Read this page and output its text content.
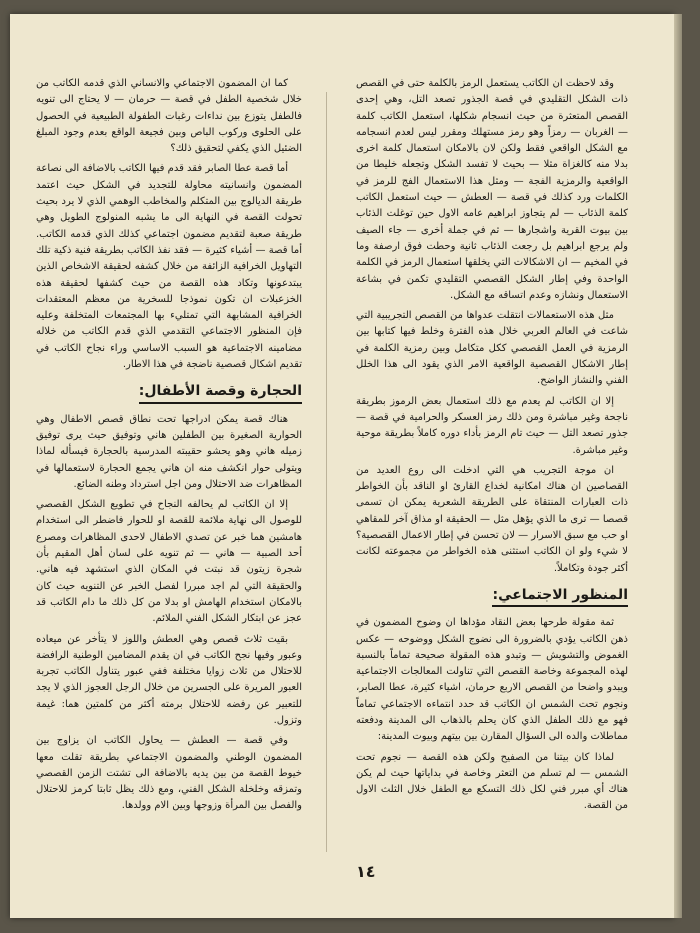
وقد لاحظت ان الكاتب يستعمل الرمز بالكلمة حتى في القصص ذات الشكل التقليدي في قصة الجذور تصعد التل، وهي إحدى القصص المتعثرة من حيث انسجام شكلها، استعمل الكاتب كلمة — الغربان — رمزاً وهو رمز مستهلك ومقرر ليس لعدم انسجامه مع الشكل الواقعي فقط ولكن لان بالامكان استعمال كلمة اخرى بدلا منه كالغزاة مثلا — بحيث لا تفسد الشكل وتجعله خليطا من الواقعية والرمزية الفجة — ومثل هذا الاستعمال الفج للرمز في الكلمات ورد كذلك في قصة — العطش — حيث استعمل الكاتب كلمة الذئاب — لم يتجاوز ابراهيم عامه الاول حين توغلت الذئاب بين بيوت القرية واشجارها — ثم في جملة أخرى — جاء الصيف ولم يرجع ابراهيم بل رجعت الذئاب ثانية وحطت فوق ارصفة وما في المخيم — ان الاشكالات التي يخلقها استعمال الرمز في الكلمة الواحدة وفي إطار الشكل القصصي التقليدي تكمن في بشاعة الاستعمال ونشازه وعدم اتساقه مع الشكل.

مثل هذه الاستعمالات انتقلت عدواها من القصص التجريبية التي شاعت في العالم العربي خلال هذه الفترة وخلط فيها كتابها بين الرمزية في العمل القصصي ككل متكامل وبين رمزية الكلمة في إطار الاشكال القصصية الواقعية الامر الذي يقود الى هذا الخلل الفني والنشاز الواضح.

إلا ان الكاتب لم يعدم مع ذلك استعمال بعض الرموز بطريقة ناجحة وغير مباشرة ومن ذلك رمز العسكر والحرامية في قصة — جذور تصعد التل — حيث تام الرمز بأداء دوره كاملاً بطريقة موحية وغير مباشرة.

ان موجة التجريب هي التي ادخلت الى روع العديد من القصاصين ان هناك امكانية لخداع القارئ او الناقد بأن الخواطر ذات العبارات المنتقاة على الطريقة الشعرية يمكن ان تسمى قصصا — ترى ما الذي يؤهل مثل — الحقيقة او مذاق آخر للمقاهي او حب مع سبق الاسرار — لان تحسن في إطار الاعمال القصصية؟ لا شيء ولو ان الكاتب استثنى هذه الخواطر من مجموعته لكانت أكثر جودة وتكاملاً.

المنظور الاجتماعي:

ثمة مقولة طرحها بعض النقاد مؤداها ان وضوح المضمون في ذهن الكاتب يؤدي بالضرورة الى نضوج الشكل ووضوحه — عكس الغموض والتشويش — وتبدو هذه المقولة صحيحة تماماً بالنسبة لهذه المجموعة وخاصة القصص التي تناولت المعالجات الاجتماعية ويبدو واضحا من القصص الاربع حرمان، اشياء كثيرة، عطا الصابر، ونجوم تحت الشمس ان الكاتب قد حدد انتماءه الاجتماعي تماماً فهو مع ذلك الطفل الذي كان يحلم بالذهاب الى المدينة ودفعته مماطلات والده الى السؤال المقارن بين بيتهم وبيوت المدينة:

لماذا كان بيتنا من الصفيح ولكن هذه القصة — نجوم تحت الشمس — لم تسلم من التعثر وخاصة في بداياتها حيث لم يكن هناك أي مبرر فني لكل ذلك التسكع مع الطفل خلال الثلث الاول من القصة.

كما ان المضمون الاجتماعي والانساني الذي قدمه الكاتب من خلال شخصية الطفل في قصة — حرمان — لا يحتاج الى تنويه فالطفل يتوزع بين نداءات رغبات الطفولة الطبيعية في الحصول على الحلوى وركوب الباص وبين فجيعة الواقع بعدم وجود المبلغ الضئيل الذي يكفي لتحقيق ذلك؟

أما قصة عطا الصابر فقد قدم فيها الكاتب بالاضافة الى نصاعة المضمون وانسانيته محاولة للتجديد في الشكل حيث اعتمد طريقة الديالوج بين المتكلم والمخاطب الوهمي الذي لا يرد بحيث تحولت القصة في النهاية الى ما يشبه المنولوج الطويل وهي طريقة صعبة لتقديم مضمون اجتماعي كذلك الذي قدمه الكاتب. أما قصة — أشياء كثيرة — فقد نفذ الكاتب بطريقة فنية ذكية تلك التهاويل الخرافية الزائفة من خلال كشفه لحقيقة الاشخاص الذين يبتدعونها وتكاد هذه القصة من حيث كشفها لحقيقة هذه الخزعبلات ان تكون نموذجا للسخرية من معظم المعتقدات الخرافية المشابهة التي تمتليء بها المجتمعات المتخلفة وعليه فإن المنظور الاجتماعي التقدمي الذي قدم الكاتب من خلاله مضامينه الاجتماعية هو السبب الاساسي وراء نجاح الكاتب في تقديم اشكال قصصية ناضجة في هذا الاطار.

الحجارة وقصة الأطفال:

هناك قصة يمكن ادراجها تحت نطاق قصص الاطفال وهي الحوارية الصغيرة بين الطفلين هاني وتوفيق حيث يرى توفيق زميله هاني وهو يحشو حقيبته المدرسية بالحجارة فيسأله لماذا ويتولى حوار انكشف منه ان هاني يجمع الحجارة لاستعمالها في المظاهرات ضد الاحتلال ومن اجل استرداد وطنه الضائع.

إلا ان الكاتب لم يحالفه النجاح في تطويع الشكل القصصي للوصول الى نهاية ملائمة للقصة او للحوار فاضطر الى استخدام هامشين هما خبر عن تصدي الاطفال لاحدى المظاهرات ومصرع أحد الصبية — هاني — ثم تنويه على لسان أهل المقيم بأن شجرة زيتون قد نبتت في المكان الذي استشهد فيه هاني. والحقيقة التي لم اجد مبررا لفصل الخبر عن التنويه حيث كان بالامكان استخدام الهامش او بدلا من كل ذلك ما دام الكاتب قد عجز عن ابتكار الشكل الفني الملائم.

بقيت ثلاث قصص وهي العطش واللوز لا يتأخر عن ميعاده وعبور وفيها نجح الكاتب في ان يقدم المضامين الوطنية الرافضة للاحتلال من ثلاث زوايا مختلفة ففي عبور يتناول الكاتب تجربة العبور المريرة على الجسرين من خلال الرجل العجوز الذي لا يجد للتعبير عن رفضه للاحتلال برمته أكثر من كلمتين هما: غيمة وتزول.

وفي قصة — العطش — يحاول الكاتب ان يزاوج بين المضمون الوطني والمضمون الاجتماعي بطريقة تقلت معها خيوط القصة من بين يديه بالاضافة الى تشتت الزمن القصصي وتمزقه وخلخلة الشكل الفني، ومع ذلك يظل ثابتا كرمز للاحتلال والفصل بين المرأة وزوجها وبين الام وولدها.

١٤
